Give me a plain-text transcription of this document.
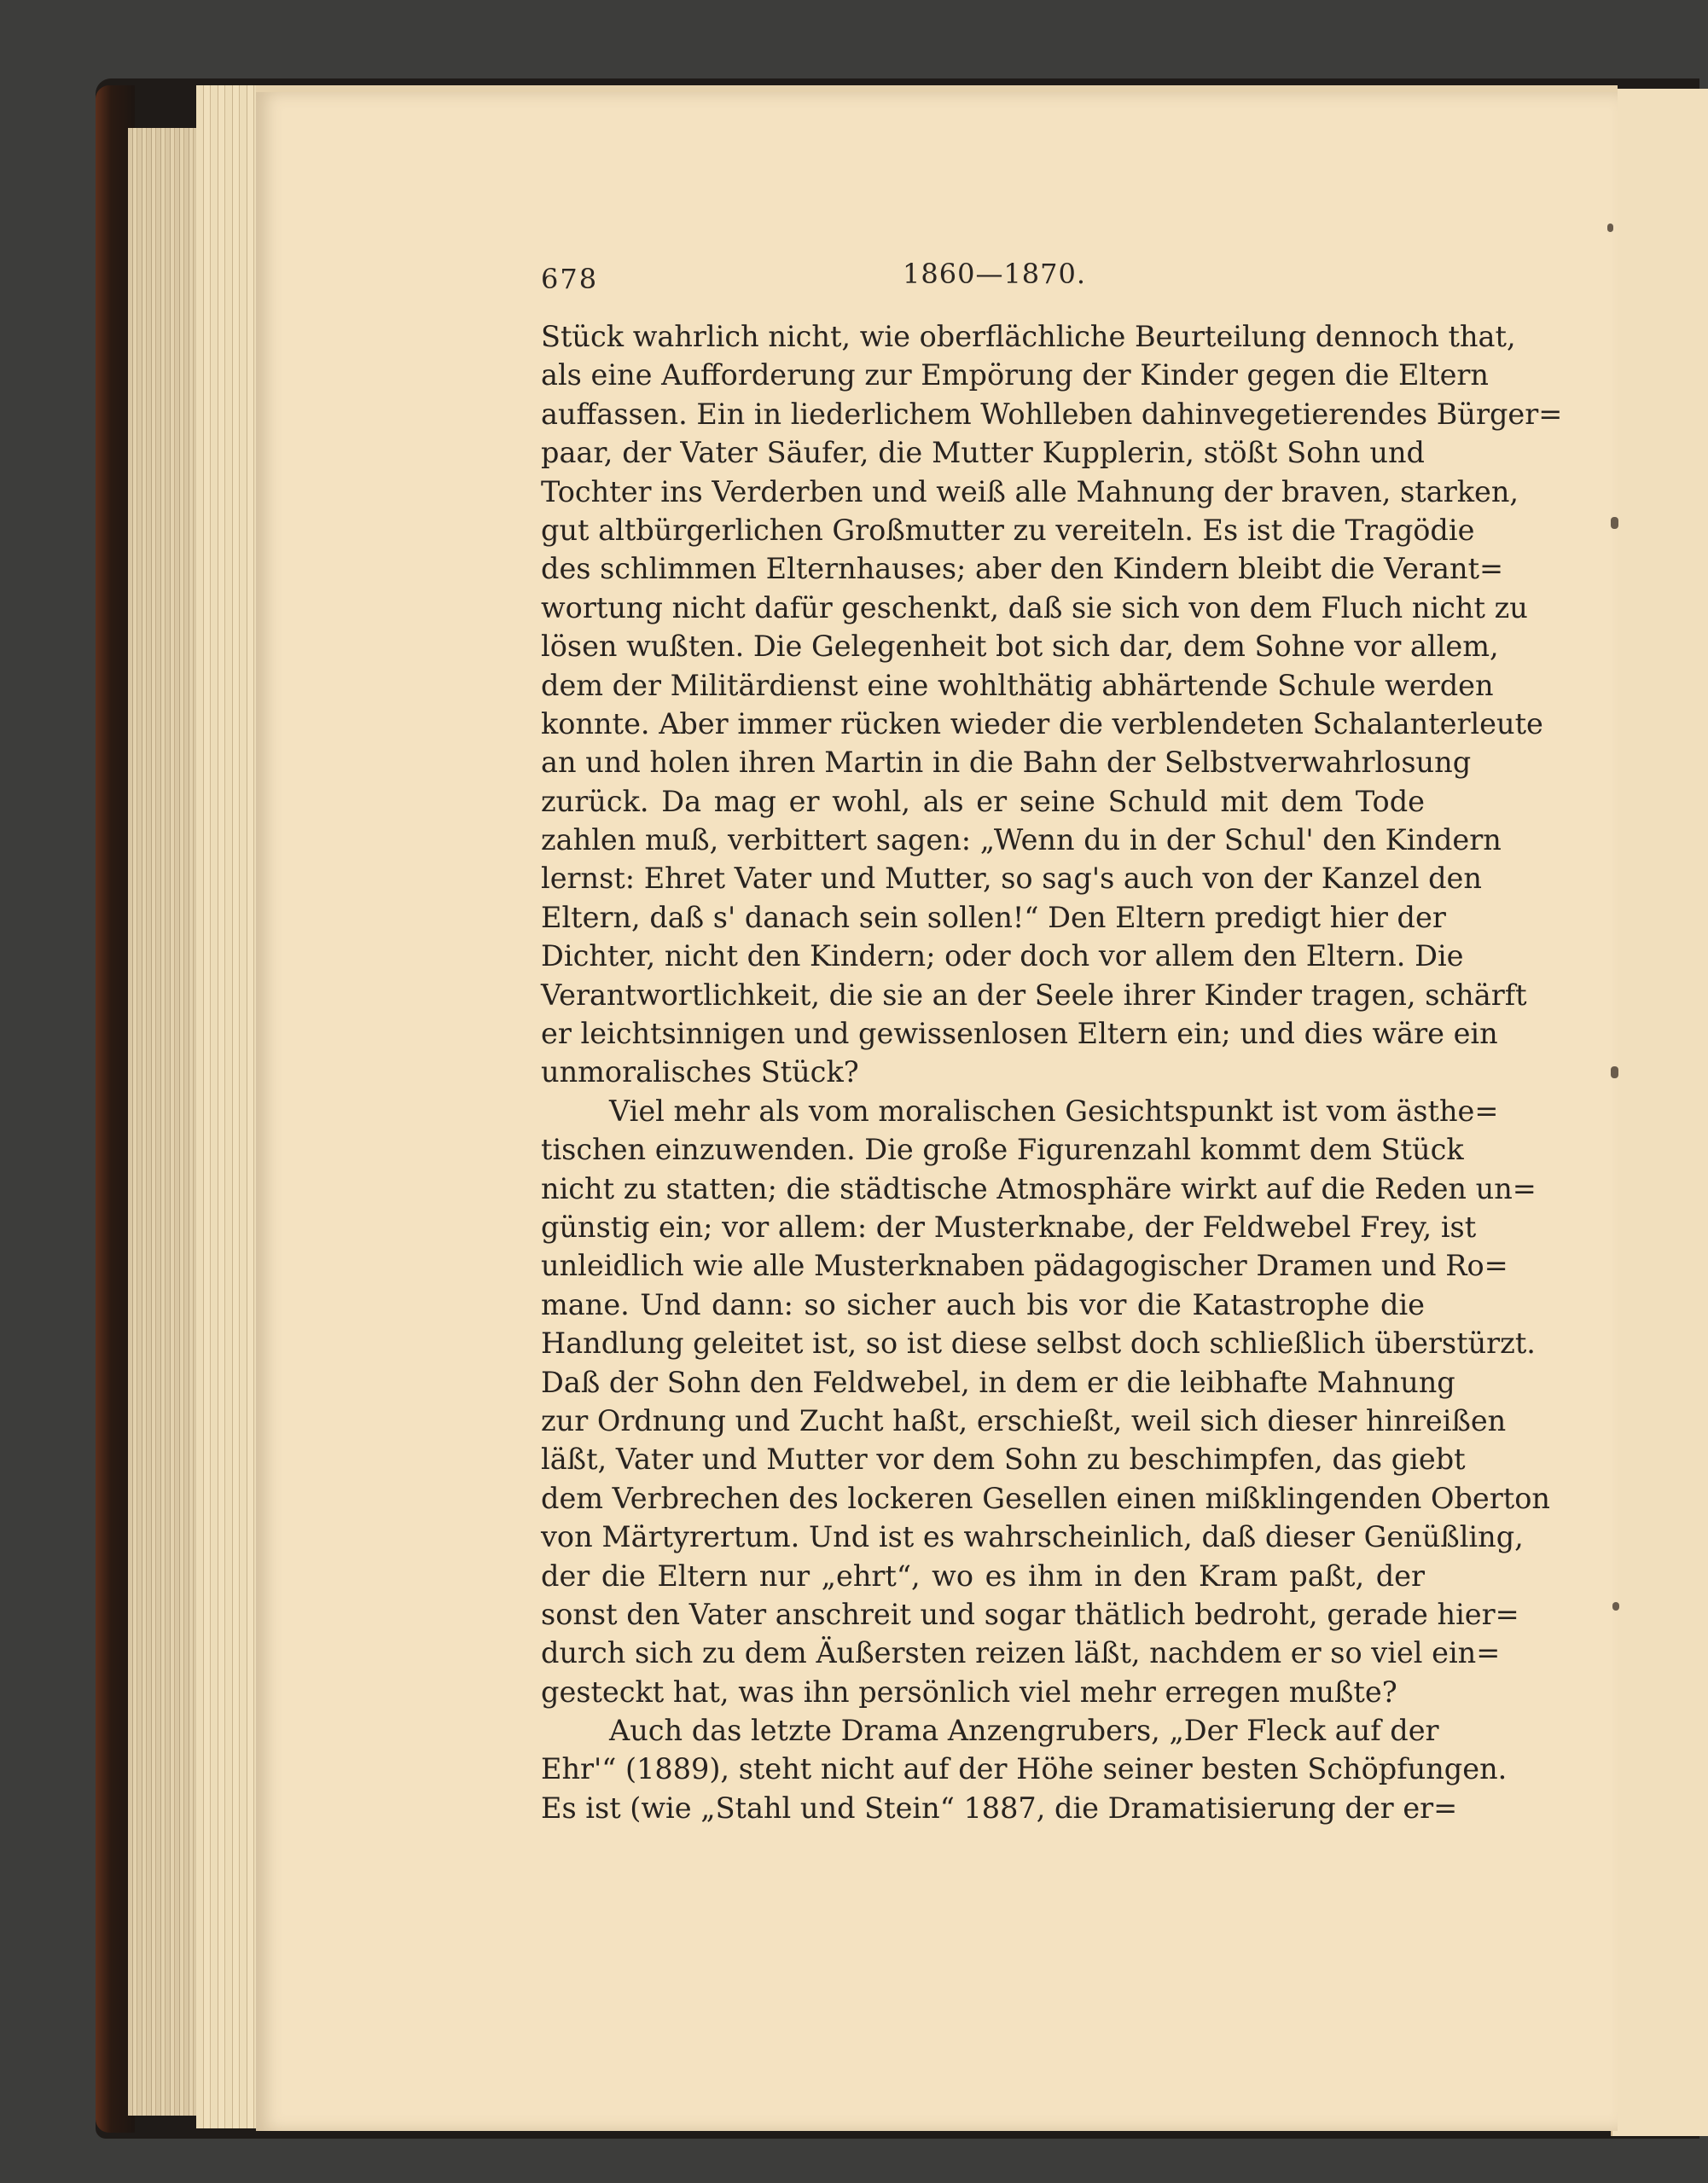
678	1860—1870.
Stück wahrlich nicht, wie oberflächliche Beurteilung dennoch that,
als eine Aufforderung zur Empörung der Kinder gegen die Eltern
auffassen. Ein in liederlichem Wohlleben dahinvegetierendes Bürger=
paar, der Vater Säufer, die Mutter Kupplerin, stößt Sohn und
Tochter ins Verderben und weiß alle Mahnung der braven, starken,
gut altbürgerlichen Großmutter zu vereiteln. Es ist die Tragödie
des schlimmen Elternhauses; aber den Kindern bleibt die Verant=
wortung nicht dafür geschenkt, daß sie sich von dem Fluch nicht zu
lösen wußten. Die Gelegenheit bot sich dar, dem Sohne vor allem,
dem der Militärdienst eine wohlthätig abhärtende Schule werden
konnte. Aber immer rücken wieder die verblendeten Schalanterleute
an und holen ihren Martin in die Bahn der Selbstverwahrlosung
zurück. Da mag er wohl, als er seine Schuld mit dem Tode
zahlen muß, verbittert sagen: „Wenn du in der Schul' den Kindern
lernst: Ehret Vater und Mutter, so sag's auch von der Kanzel den
Eltern, daß s' danach sein sollen!“ Den Eltern predigt hier der
Dichter, nicht den Kindern; oder doch vor allem den Eltern. Die
Verantwortlichkeit, die sie an der Seele ihrer Kinder tragen, schärft
er leichtsinnigen und gewissenlosen Eltern ein; und dies wäre ein
unmoralisches Stück?
Viel mehr als vom moralischen Gesichtspunkt ist vom ästhe=
tischen einzuwenden. Die große Figurenzahl kommt dem Stück
nicht zu statten; die städtische Atmosphäre wirkt auf die Reden un=
günstig ein; vor allem: der Musterknabe, der Feldwebel Frey, ist
unleidlich wie alle Musterknaben pädagogischer Dramen und Ro=
mane. Und dann: so sicher auch bis vor die Katastrophe die
Handlung geleitet ist, so ist diese selbst doch schließlich überstürzt.
Daß der Sohn den Feldwebel, in dem er die leibhafte Mahnung
zur Ordnung und Zucht haßt, erschießt, weil sich dieser hinreißen
läßt, Vater und Mutter vor dem Sohn zu beschimpfen, das giebt
dem Verbrechen des lockeren Gesellen einen mißklingenden Oberton
von Märtyrertum. Und ist es wahrscheinlich, daß dieser Genüßling,
der die Eltern nur „ehrt“, wo es ihm in den Kram paßt, der
sonst den Vater anschreit und sogar thätlich bedroht, gerade hier=
durch sich zu dem Äußersten reizen läßt, nachdem er so viel ein=
gesteckt hat, was ihn persönlich viel mehr erregen mußte?
Auch das letzte Drama Anzengrubers, „Der Fleck auf der
Ehr'“ (1889), steht nicht auf der Höhe seiner besten Schöpfungen.
Es ist (wie „Stahl und Stein“ 1887, die Dramatisierung der er=
